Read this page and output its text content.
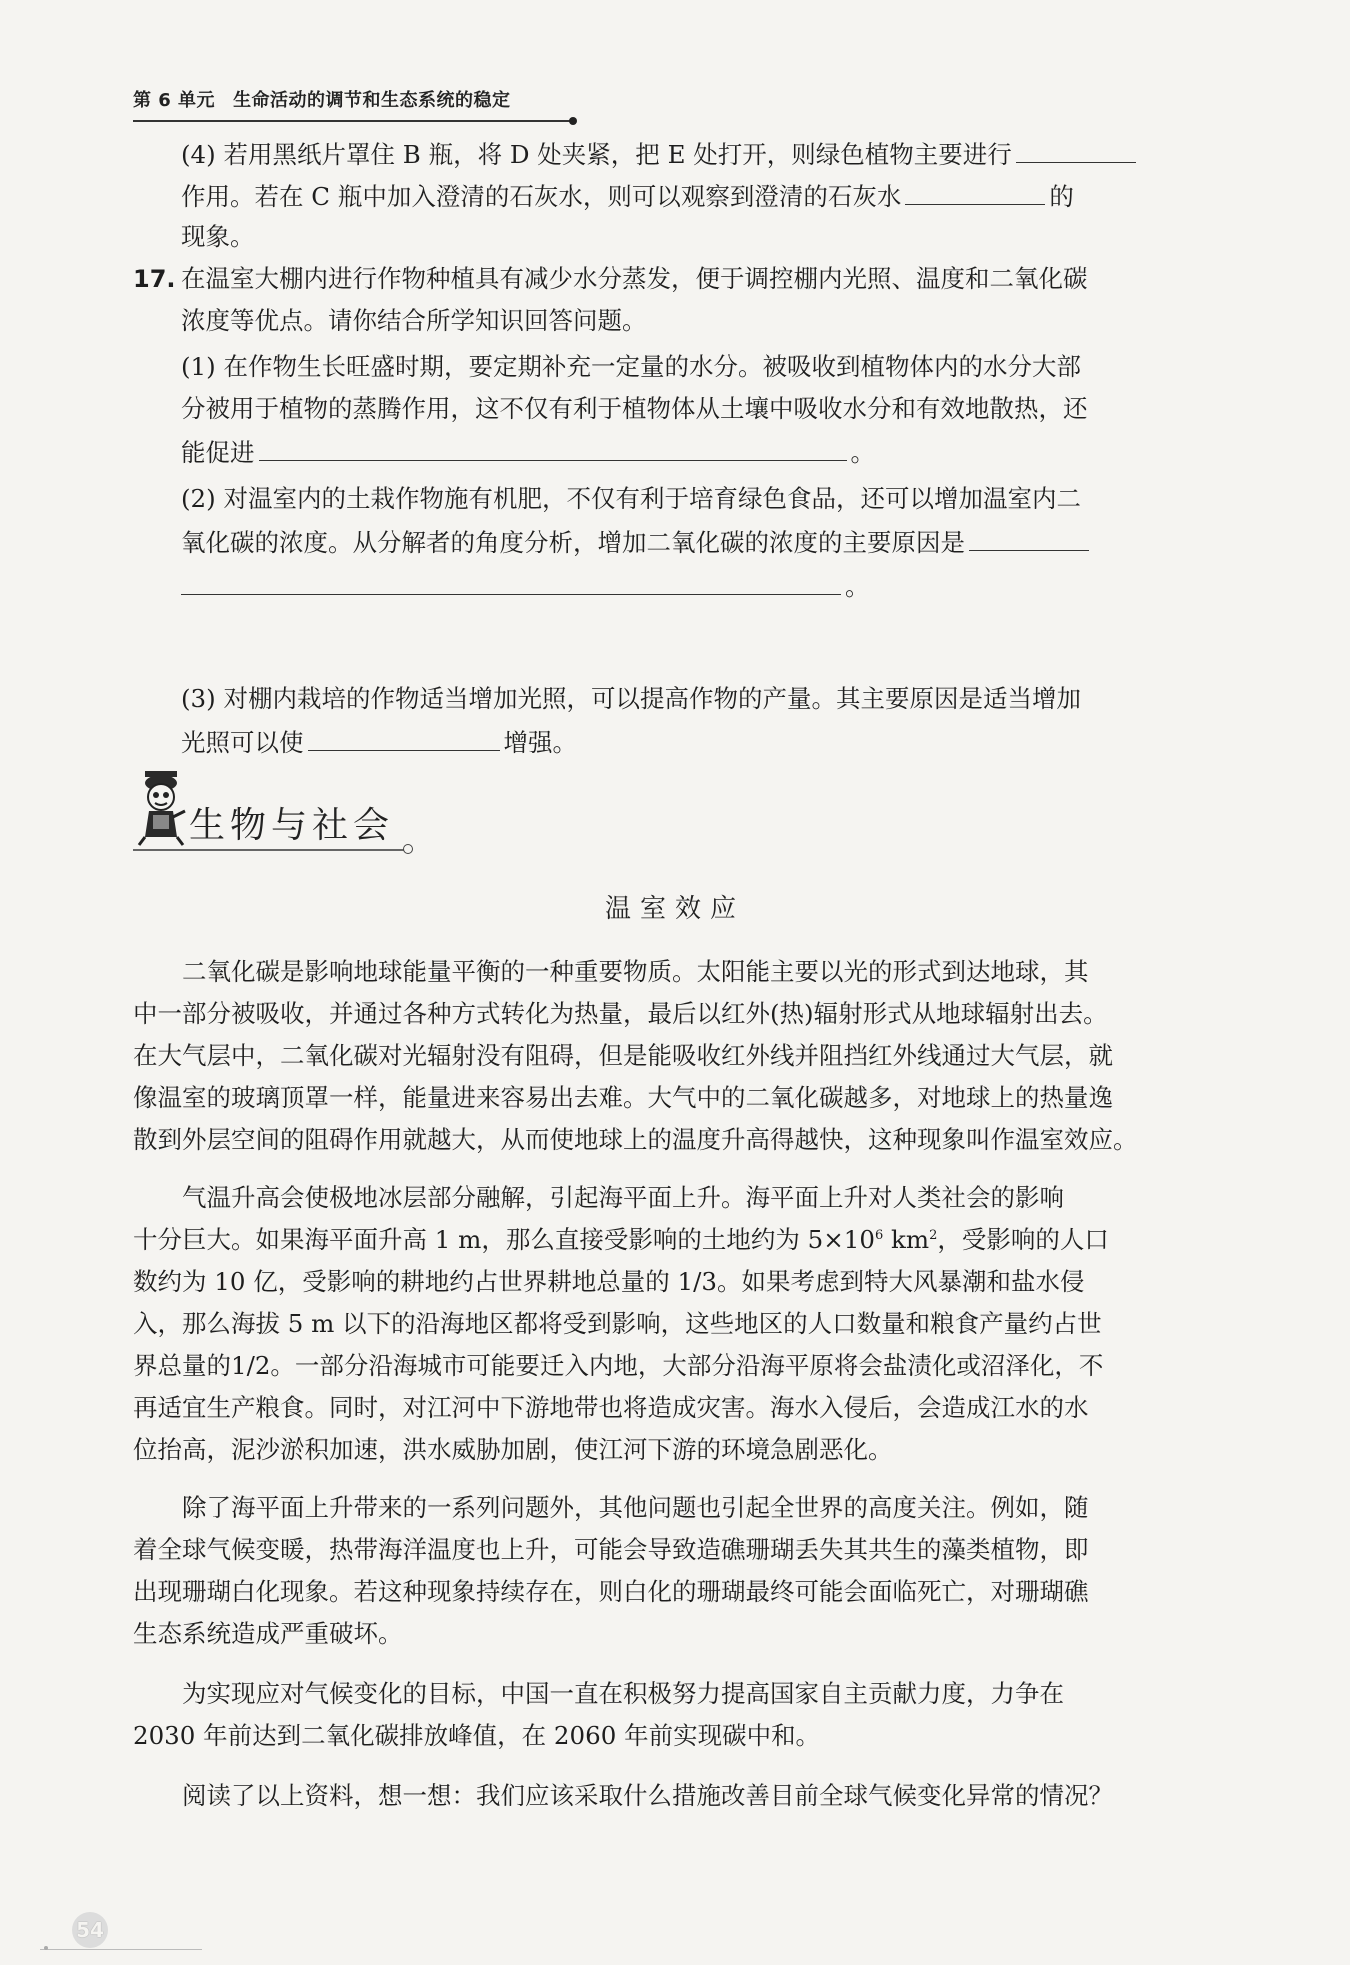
第 6 单元 生命活动的调节和生态系统的稳定
(4) 若用黑纸片罩住 B 瓶，将 D 处夹紧，把 E 处打开，则绿色植物主要进行
作用。若在 C 瓶中加入澄清的石灰水，则可以观察到澄清的石灰水	的
现象。
17. 在温室大棚内进行作物种植具有减少水分蒸发，便于调控棚内光照、温度和二氧化碳
浓度等优点。请你结合所学知识回答问题。
(1) 在作物生长旺盛时期，要定期补充一定量的水分。被吸收到植物体内的水分大部
分被用于植物的蒸腾作用，这不仅有利于植物体从土壤中吸收水分和有效地散热，还
能促进	。
(2) 对温室内的土栽作物施有机肥，不仅有利于培育绿色食品，还可以增加温室内二
氧化碳的浓度。从分解者的角度分析，增加二氧化碳的浓度的主要原因是
。
(3) 对棚内栽培的作物适当增加光照，可以提高作物的产量。其主要原因是适当增加
光照可以使	增强。
生物与社会
温室效应
　　二氧化碳是影响地球能量平衡的一种重要物质。太阳能主要以光的形式到达地球，其
中一部分被吸收，并通过各种方式转化为热量，最后以红外(热)辐射形式从地球辐射出去。
在大气层中，二氧化碳对光辐射没有阻碍，但是能吸收红外线并阻挡红外线通过大气层，就
像温室的玻璃顶罩一样，能量进来容易出去难。大气中的二氧化碳越多，对地球上的热量逸
散到外层空间的阻碍作用就越大，从而使地球上的温度升高得越快，这种现象叫作温室效应。
　　气温升高会使极地冰层部分融解，引起海平面上升。海平面上升对人类社会的影响
十分巨大。如果海平面升高 1 m，那么直接受影响的土地约为 $5\times 10^6$ $km^2$，受影响的人口
数约为 10 亿，受影响的耕地约占世界耕地总量的 1/3。如果考虑到特大风暴潮和盐水侵
入，那么海拔 5 m 以下的沿海地区都将受到影响，这些地区的人口数量和粮食产量约占世
界总量的1/2。一部分沿海城市可能要迁入内地，大部分沿海平原将会盐渍化或沼泽化，不
再适宜生产粮食。同时，对江河中下游地带也将造成灾害。海水入侵后，会造成江水的水
位抬高，泥沙淤积加速，洪水威胁加剧，使江河下游的环境急剧恶化。
　　除了海平面上升带来的一系列问题外，其他问题也引起全世界的高度关注。例如，随
着全球气候变暖，热带海洋温度也上升，可能会导致造礁珊瑚丢失其共生的藻类植物，即
出现珊瑚白化现象。若这种现象持续存在，则白化的珊瑚最终可能会面临死亡，对珊瑚礁
生态系统造成严重破坏。
　　为实现应对气候变化的目标，中国一直在积极努力提高国家自主贡献力度，力争在
2030 年前达到二氧化碳排放峰值，在 2060 年前实现碳中和。
　　阅读了以上资料，想一想：我们应该采取什么措施改善目前全球气候变化异常的情况？
54
